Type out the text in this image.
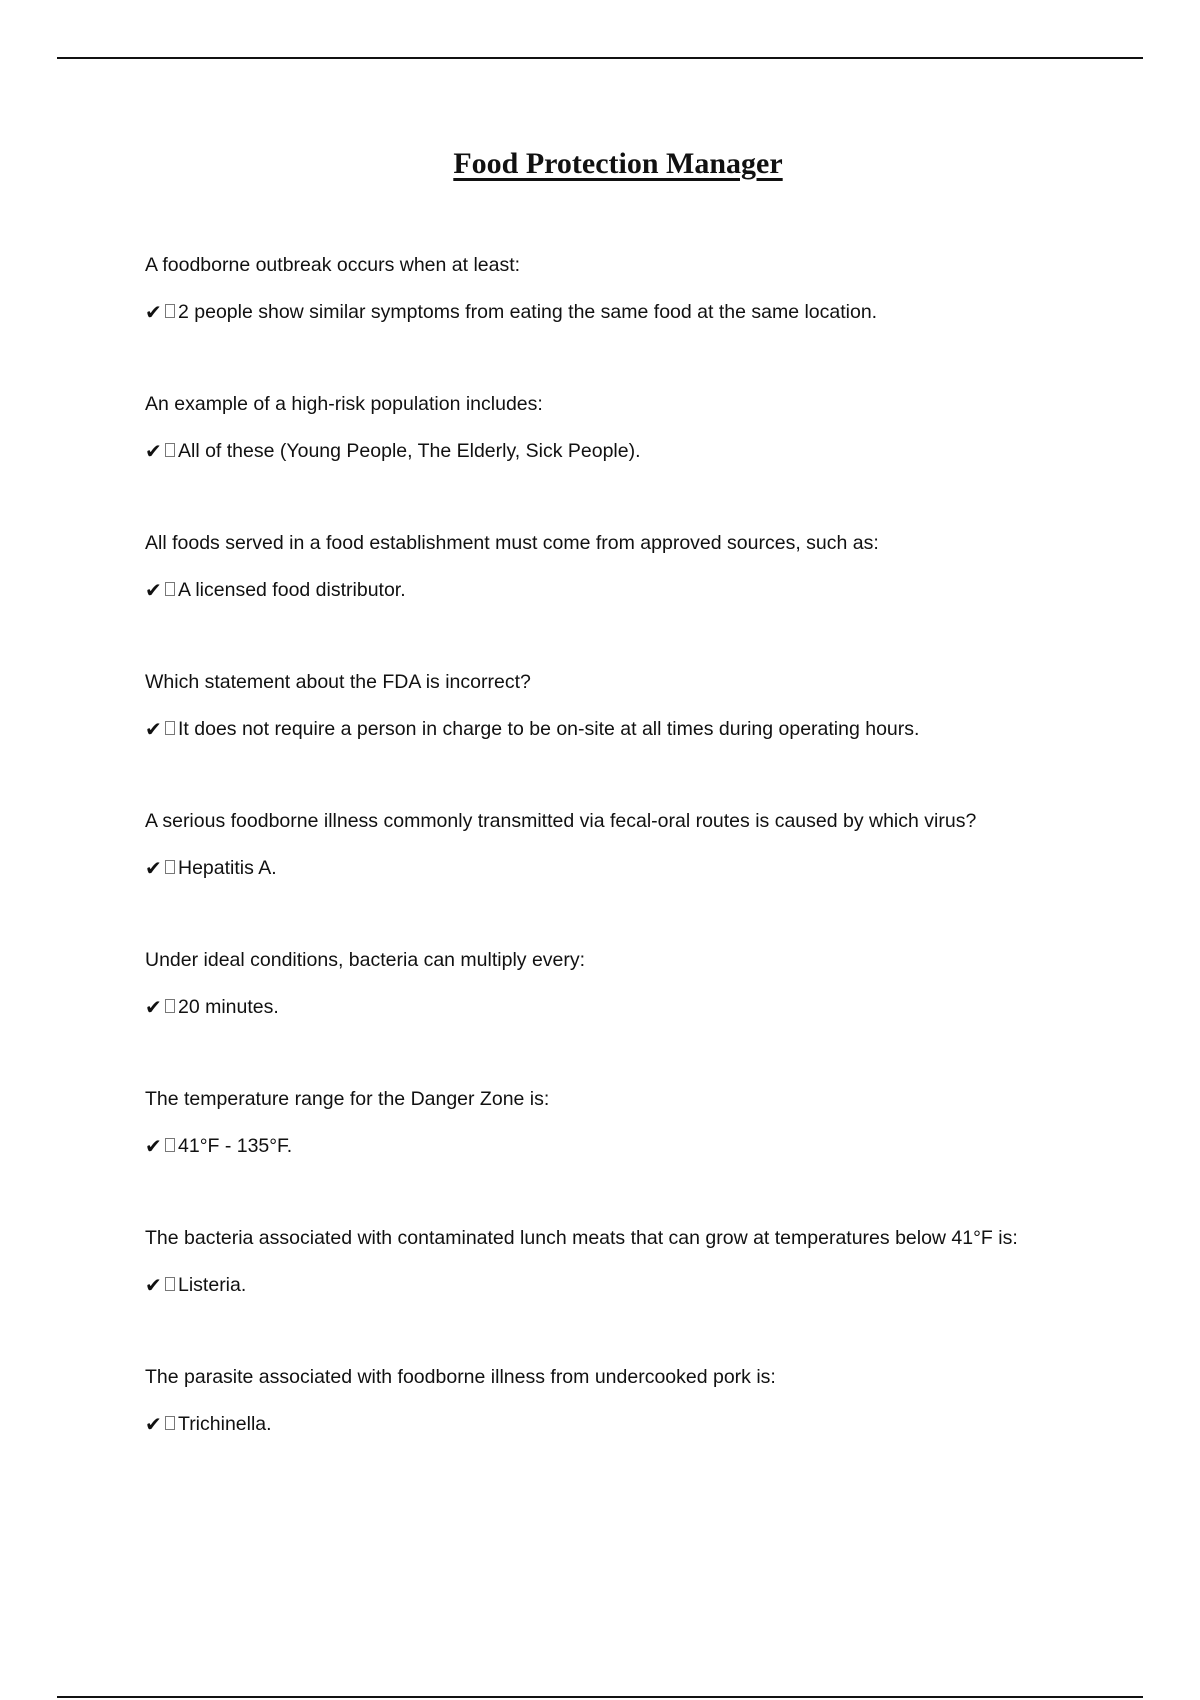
Food Protection Manager

A foodborne outbreak occurs when at least:

✔ 2 people show similar symptoms from eating the same food at the same location.

An example of a high-risk population includes:

✔ All of these (Young People, The Elderly, Sick People).

All foods served in a food establishment must come from approved sources, such as:

✔ A licensed food distributor.

Which statement about the FDA is incorrect?

✔ It does not require a person in charge to be on-site at all times during operating hours.

A serious foodborne illness commonly transmitted via fecal-oral routes is caused by which virus?

✔ Hepatitis A.

Under ideal conditions, bacteria can multiply every:

✔ 20 minutes.

The temperature range for the Danger Zone is:

✔ 41°F - 135°F.

The bacteria associated with contaminated lunch meats that can grow at temperatures below 41°F is:

✔ Listeria.

The parasite associated with foodborne illness from undercooked pork is:

✔ Trichinella.
